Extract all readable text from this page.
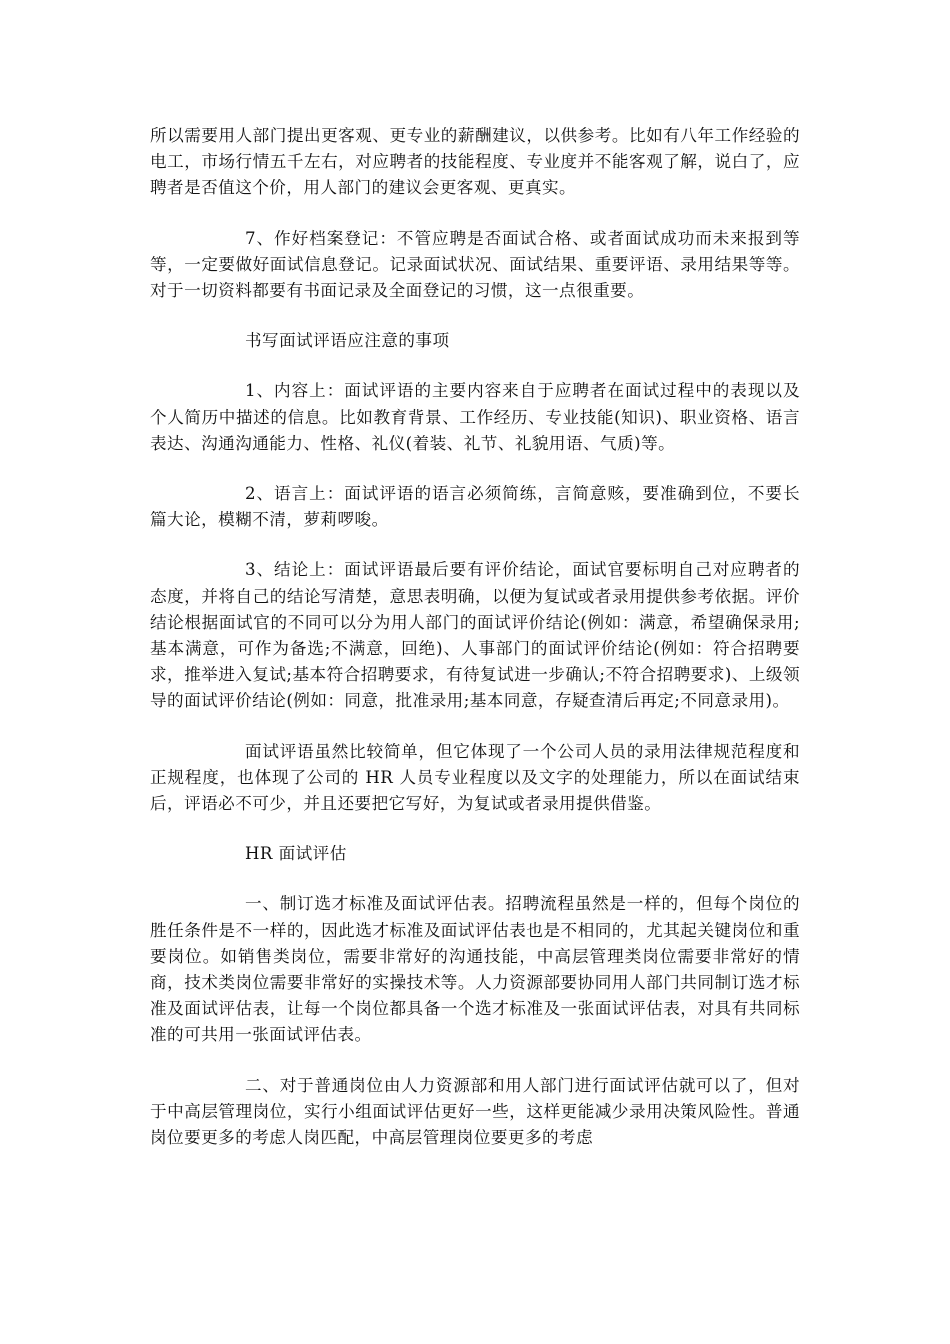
所以需要用人部门提出更客观、更专业的薪酬建议，以供参考。比如有八年工作经验的电工，市场行情五千左右，对应聘者的技能程度、专业度并不能客观了解，说白了，应聘者是否值这个价，用人部门的建议会更客观、更真实。

7、作好档案登记：不管应聘是否面试合格、或者面试成功而未来报到等等，一定要做好面试信息登记。记录面试状况、面试结果、重要评语、录用结果等等。对于一切资料都要有书面记录及全面登记的习惯，这一点很重要。

书写面试评语应注意的事项

1、内容上：面试评语的主要内容来自于应聘者在面试过程中的表现以及个人简历中描述的信息。比如教育背景、工作经历、专业技能(知识)、职业资格、语言表达、沟通沟通能力、性格、礼仪(着装、礼节、礼貌用语、气质)等。

2、语言上：面试评语的语言必须简练，言简意赅，要准确到位，不要长篇大论，模糊不清，萝莉啰唆。

3、结论上：面试评语最后要有评价结论，面试官要标明自己对应聘者的态度，并将自己的结论写清楚，意思表明确，以便为复试或者录用提供参考依据。评价结论根据面试官的不同可以分为用人部门的面试评价结论(例如：满意，希望确保录用;基本满意，可作为备选;不满意，回绝)、人事部门的面试评价结论(例如：符合招聘要求，推举进入复试;基本符合招聘要求，有待复试进一步确认;不符合招聘要求)、上级领导的面试评价结论(例如：同意，批准录用;基本同意，存疑查清后再定;不同意录用)。

面试评语虽然比较简单，但它体现了一个公司人员的录用法律规范程度和正规程度，也体现了公司的 HR 人员专业程度以及文字的处理能力，所以在面试结束后，评语必不可少，并且还要把它写好，为复试或者录用提供借鉴。

HR 面试评估

一、制订选才标准及面试评估表。招聘流程虽然是一样的，但每个岗位的胜任条件是不一样的，因此选才标准及面试评估表也是不相同的，尤其起关键岗位和重要岗位。如销售类岗位，需要非常好的沟通技能，中高层管理类岗位需要非常好的情商，技术类岗位需要非常好的实操技术等。人力资源部要协同用人部门共同制订选才标准及面试评估表，让每一个岗位都具备一个选才标准及一张面试评估表，对具有共同标准的可共用一张面试评估表。

二、对于普通岗位由人力资源部和用人部门进行面试评估就可以了，但对于中高层管理岗位，实行小组面试评估更好一些，这样更能减少录用决策风险性。普通岗位要更多的考虑人岗匹配，中高层管理岗位要更多的考虑
